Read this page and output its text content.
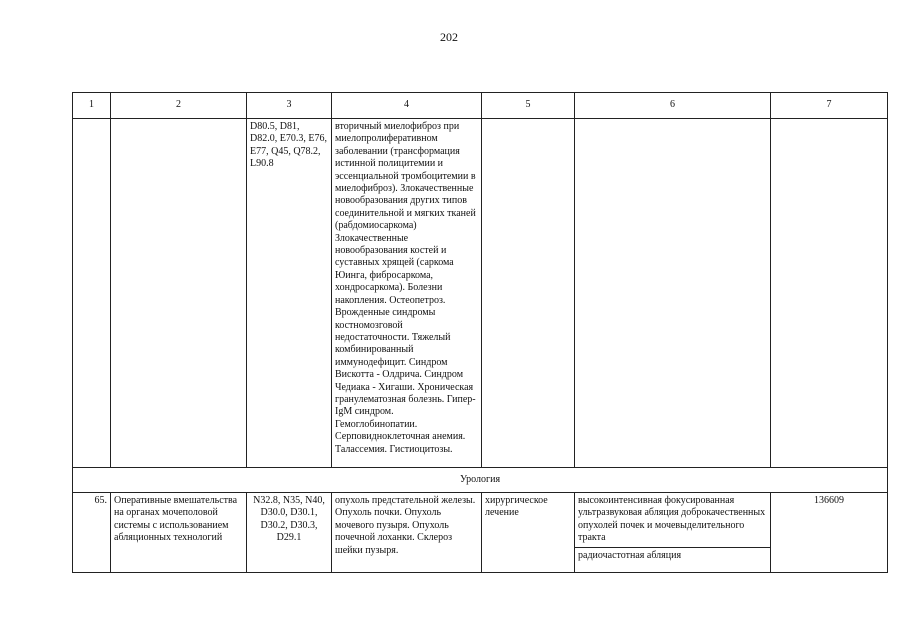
202
1	2	3	4	5	6	7
		D80.5, D81, D82.0, E70.3, E76, E77, Q45, Q78.2, L90.8	вторичный миелофиброз при миелопролиферативном заболевании (трансформация истинной полицитемии и эссенциальной тромбоцитемии в миелофиброз). Злокачественные новообразования других типов соединительной и мягких тканей (рабдомиосаркома) Злокачественные новообразования костей и суставных хрящей (саркома Юинга, фибросаркома, хондросаркома). Болезни накопления. Остеопетроз. Врожденные синдромы костномозговой недостаточности. Тяжелый комбинированный иммунодефицит. Синдром Вискотта - Олдрича. Синдром Чедиака - Хигаши. Хроническая гранулематозная болезнь. Гипер-IgM синдром. Гемоглобинопатии. Серповидноклеточная анемия. Талассемия. Гистиоцитозы.			
Урология						
65.	Оперативные вмешательства на органах мочеполовой системы с использованием абляционных технологий	N32.8, N35, N40, D30.0, D30.1, D30.2, D30.3, D29.1	опухоль предстательной железы. Опухоль почки. Опухоль мочевого пузыря. Опухоль почечной лоханки. Склероз шейки пузыря.	хирургическое лечение	высокоинтенсивная фокусированная ультразвуковая абляция доброкачественных опухолей почек и мочевыделительного тракта	136609
					радиочастотная абляция	
